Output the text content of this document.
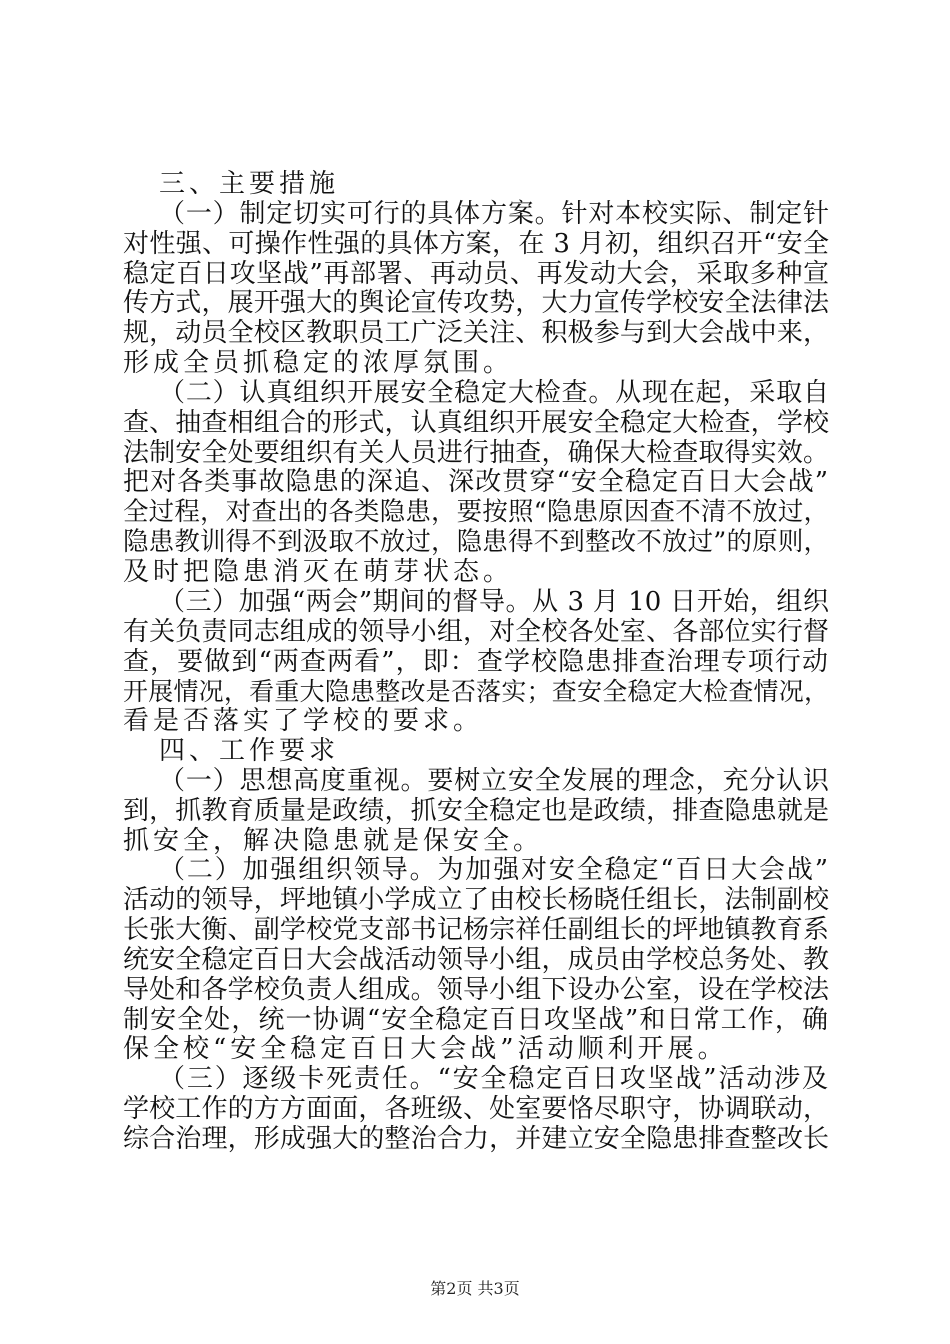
三、主要措施
（一）制定切实可行的具体方案。针对本校实际、制定针
对性强、可操作性强的具体方案，在 3 月初，组织召开“安全
稳定百日攻坚战”再部署、再动员、再发动大会，采取多种宣
传方式，展开强大的舆论宣传攻势，大力宣传学校安全法律法
规，动员全校区教职员工广泛关注、积极参与到大会战中来，
形成全员抓稳定的浓厚氛围。
（二）认真组织开展安全稳定大检查。从现在起，采取自
查、抽查相组合的形式，认真组织开展安全稳定大检查，学校
法制安全处要组织有关人员进行抽查，确保大检查取得实效。
把对各类事故隐患的深追、深改贯穿“安全稳定百日大会战”
全过程，对查出的各类隐患，要按照“隐患原因查不清不放过，
隐患教训得不到汲取不放过，隐患得不到整改不放过”的原则，
及时把隐患消灭在萌芽状态。
（三）加强“两会”期间的督导。从 3 月 10 日开始，组织
有关负责同志组成的领导小组，对全校各处室、各部位实行督
查，要做到“两查两看”，即：查学校隐患排查治理专项行动
开展情况，看重大隐患整改是否落实；查安全稳定大检查情况，
看是否落实了学校的要求。
四、工作要求
（一）思想高度重视。要树立安全发展的理念，充分认识
到，抓教育质量是政绩，抓安全稳定也是政绩，排查隐患就是
抓安全，解决隐患就是保安全。
（二）加强组织领导。为加强对安全稳定“百日大会战”
活动的领导，坪地镇小学成立了由校长杨晓任组长，法制副校
长张大衡、副学校党支部书记杨宗祥任副组长的坪地镇教育系
统安全稳定百日大会战活动领导小组，成员由学校总务处、教
导处和各学校负责人组成。领导小组下设办公室，设在学校法
制安全处，统一协调“安全稳定百日攻坚战”和日常工作，确
保全校“安全稳定百日大会战”活动顺利开展。
（三）逐级卡死责任。“安全稳定百日攻坚战”活动涉及
学校工作的方方面面，各班级、处室要恪尽职守，协调联动，
综合治理，形成强大的整治合力，并建立安全隐患排查整改长
第2页 共3页
